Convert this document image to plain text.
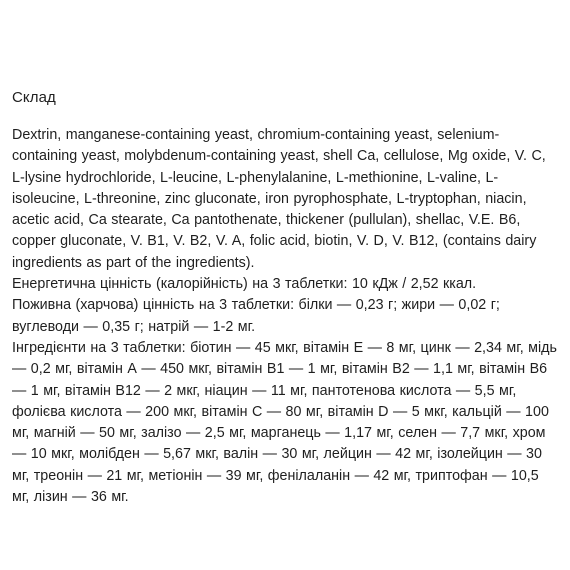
Склад

Dextrin, manganese-containing yeast, chromium-containing yeast, selenium-containing yeast, molybdenum-containing yeast, shell Ca, cellulose, Mg oxide, V. C, L-lysine hydrochloride, L-leucine, L-phenylalanine, L-methionine, L-valine, L-isoleucine, L-threonine, zinc gluconate, iron pyrophosphate, L-tryptophan, niacin, acetic acid, Ca stearate, Ca pantothenate, thickener (pullulan), shellac, V.E. B6, copper gluconate, V. B1, V. B2, V. A, folic acid, biotin, V. D, V. B12, (contains dairy ingredients as part of the ingredients).

Енергетична цінність (калорійність) на 3 таблетки: 10 кДж / 2,52 ккал.

Поживна (харчова) цінність на 3 таблетки: білки — 0,23 г; жири — 0,02 г; вуглеводи — 0,35 г; натрій — 1-2 мг.

Інгредієнти на 3 таблетки: біотин — 45 мкг, вітамін Е — 8 мг, цинк — 2,34 мг, мідь — 0,2 мг, вітамін А — 450 мкг, вітамін В1 — 1 мг, вітамін В2 — 1,1 мг, вітамін В6 — 1 мг, вітамін В12 — 2 мкг, ніацин — 11 мг, пантотенова кислота — 5,5 мг, фолієва кислота — 200 мкг, вітамін С — 80 мг, вітамін D — 5 мкг, кальцій — 100 мг, магній — 50 мг, залізо — 2,5 мг, марганець — 1,17 мг, селен — 7,7 мкг, хром — 10 мкг, молібден — 5,67 мкг, валін — 30 мг, лейцин — 42 мг, ізолейцин — 30 мг, треонін — 21 мг, метіонін — 39 мг, фенілаланін — 42 мг, триптофан — 10,5 мг, лізин — 36 мг.
